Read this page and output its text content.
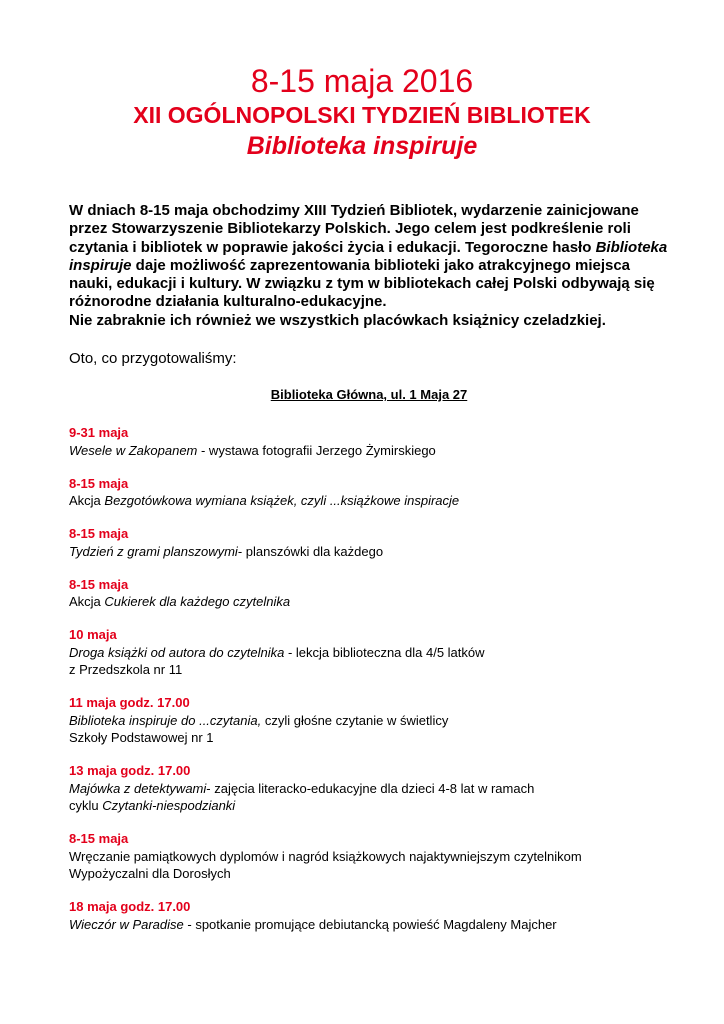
8-15 maja 2016

XII OGÓLNOPOLSKI TYDZIEŃ BIBLIOTEK

Biblioteka inspiruje

W dniach 8-15 maja obchodzimy XIII Tydzień Bibliotek, wydarzenie zainicjowane przez Stowarzyszenie Bibliotekarzy Polskich. Jego celem jest podkreślenie roli czytania i bibliotek w poprawie jakości życia i edukacji. Tegoroczne hasło Biblioteka inspiruje daje możliwość zaprezentowania biblioteki jako atrakcyjnego miejsca nauki, edukacji i kultury. W związku z tym w bibliotekach całej Polski odbywają się różnorodne działania kulturalno-edukacyjne.
Nie zabraknie ich również we wszystkich placówkach książnicy czeladzkiej.

Oto, co przygotowaliśmy:

Biblioteka Główna, ul. 1 Maja 27

9-31 maja
Wesele w Zakopanem - wystawa fotografii Jerzego Żymirskiego
8-15 maja
Akcja Bezgotówkowa wymiana książek, czyli ...książkowe inspiracje
8-15 maja
Tydzień z grami planszowymi- planszówki dla każdego
8-15 maja
Akcja Cukierek dla każdego czytelnika
10 maja
Droga książki od autora do czytelnika - lekcja biblioteczna dla 4/5 latków
z Przedszkola nr 11
11 maja godz. 17.00
Biblioteka inspiruje do ...czytania, czyli głośne czytanie w świetlicy
Szkoły Podstawowej nr 1
13 maja godz. 17.00
Majówka z detektywami- zajęcia literacko-edukacyjne dla dzieci 4-8 lat w ramach
cyklu Czytanki-niespodzianki
8-15 maja
Wręczanie pamiątkowych dyplomów i nagród książkowych najaktywniejszym czytelnikom
Wypożyczalni dla Dorosłych
18 maja godz. 17.00
Wieczór w Paradise - spotkanie promujące debiutancką powieść Magdaleny Majcher
